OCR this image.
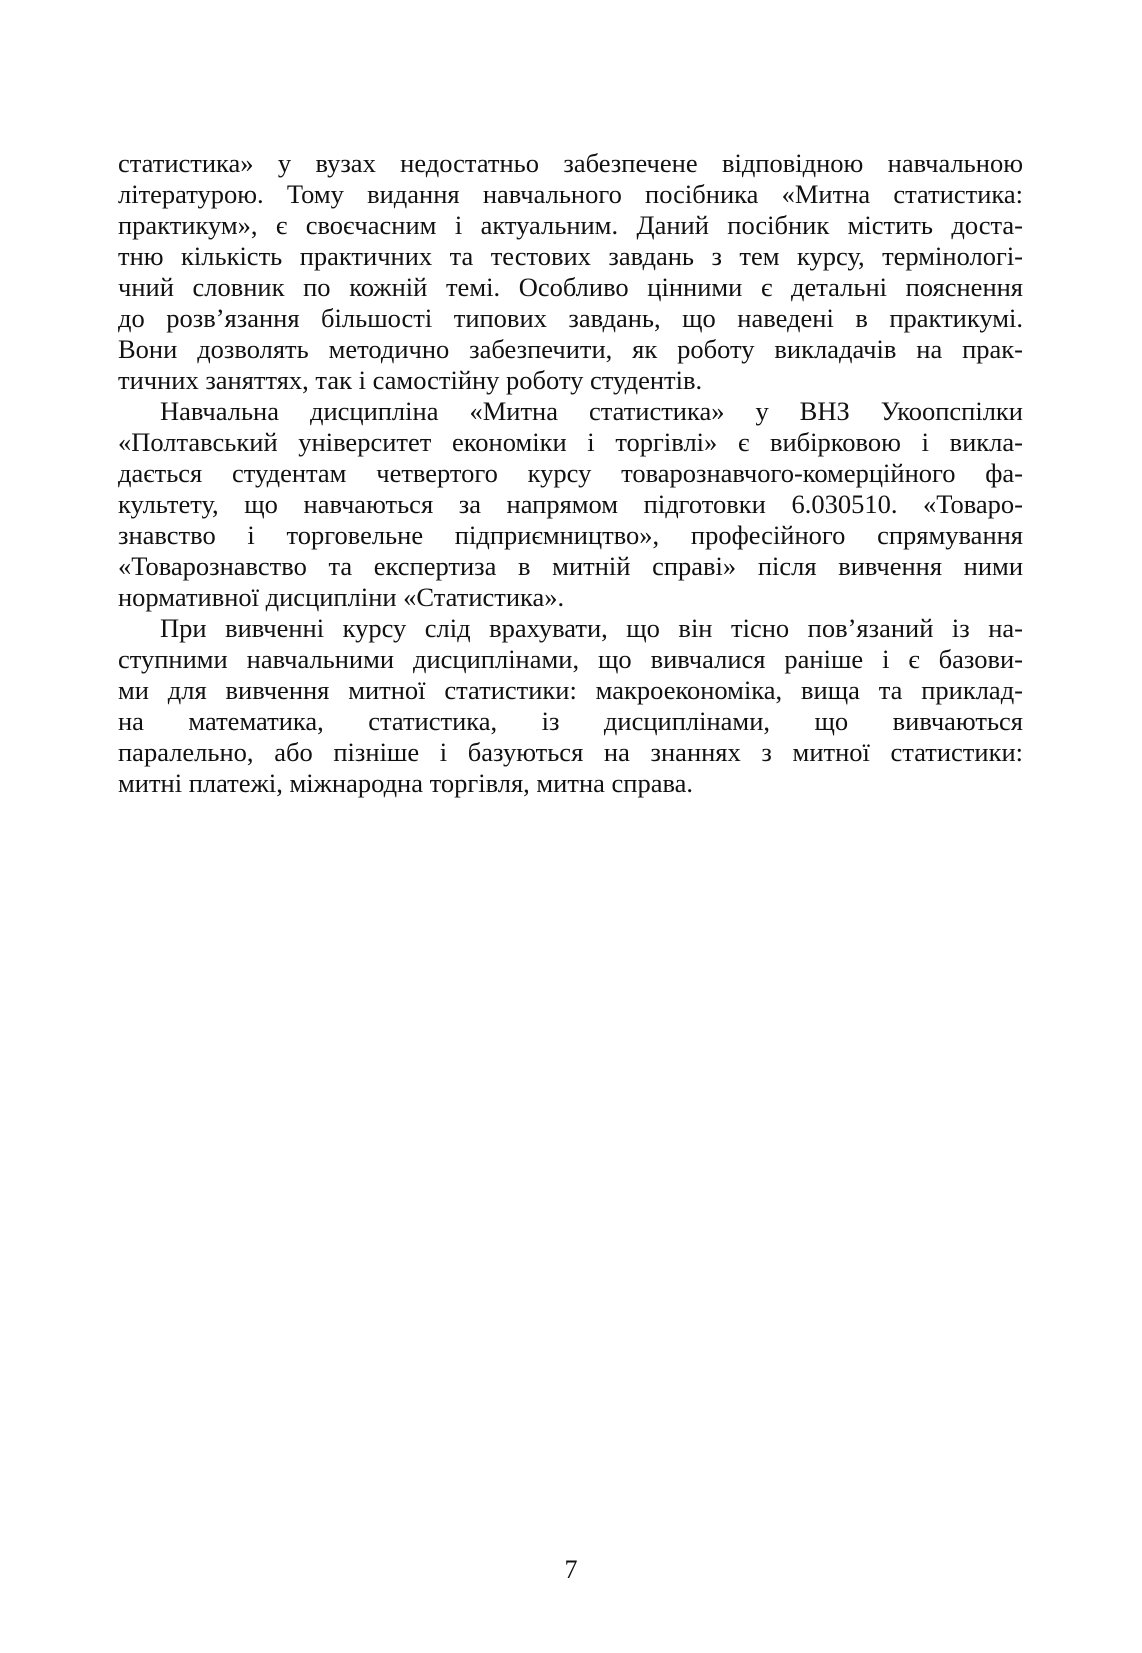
статистика» у вузах недостатньо забезпечене відповідною навчальною
літературою. Тому видання навчального посібника «Митна статистика:
практикум», є своєчасним і актуальним. Даний посібник містить доста-
тню кількість практичних та тестових завдань з тем курсу, термінологі-
чний словник по кожній темі. Особливо цінними є детальні пояснення
до розв’язання більшості типових завдань, що наведені в практикумі.
Вони дозволять методично забезпечити, як роботу викладачів на прак-
тичних заняттях, так і самостійну роботу студентів.
Навчальна дисципліна «Митна статистика» у ВНЗ Укоопспілки
«Полтавський університет економіки і торгівлі» є вибірковою і викла-
дається студентам четвертого курсу товарознавчого-комерційного фа-
культету, що навчаються за напрямом підготовки 6.030510. «Товаро-
знавство і торговельне підприємництво», професійного спрямування
«Товарознавство та експертиза в митній справі» після вивчення ними
нормативної дисципліни «Статистика».
При вивченні курсу слід врахувати, що він тісно пов’язаний із на-
ступними навчальними дисциплінами, що вивчалися раніше і є базови-
ми для вивчення митної статистики: макроекономіка, вища та приклад-
на математика, статистика, із дисциплінами, що вивчаються
паралельно, або пізніше і базуються на знаннях з митної статистики:
митні платежі, міжнародна торгівля, митна справа.
7
